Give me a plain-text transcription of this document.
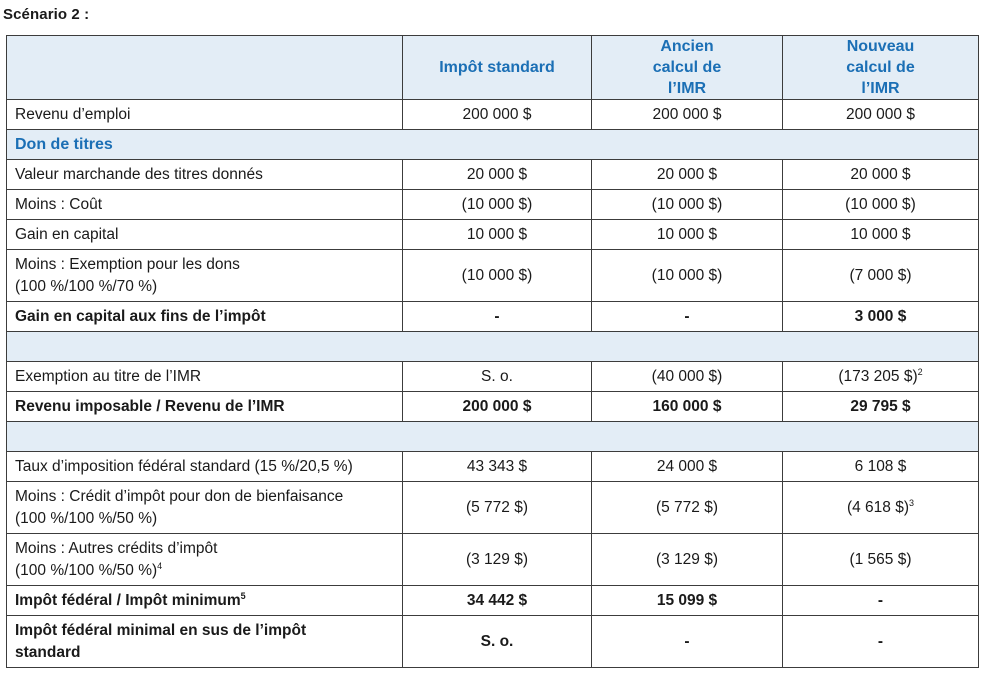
Scénario 2 :
	Impôt standard	Ancien calcul de l’IMR	Nouveau calcul de l’IMR
Revenu d’emploi	200 000 $	200 000 $	200 000 $
Don de titres			
Valeur marchande des titres donnés	20 000 $	20 000 $	20 000 $
Moins : Coût	(10 000 $)	(10 000 $)	(10 000 $)
Gain en capital	10 000 $	10 000 $	10 000 $
Moins : Exemption pour les dons
(100 %/100 %/70 %)	(10 000 $)	(10 000 $)	(7 000 $)
Gain en capital aux fins de l’impôt	-	-	3 000 $

Exemption au titre de l’IMR	S. o.	(40 000 $)	(173 205 $)$^2$
Revenu imposable / Revenu de l’IMR	200 000 $	160 000 $	29 795 $

Taux d’imposition fédéral standard (15 %/20,5 %)	43 343 $	24 000 $	6 108 $
Moins : Crédit d’impôt pour don de bienfaisance
(100 %/100 %/50 %)	(5 772 $)	(5 772 $)	(4 618 $)$^3$
Moins : Autres crédits d’impôt
(100 %/100 %/50 %)$^4$	(3 129 $)	(3 129 $)	(1 565 $)
Impôt fédéral / Impôt minimum$^5$	34 442 $	15 099 $	-
Impôt fédéral minimal en sus de l’impôt
standard	S. o.	-	-
